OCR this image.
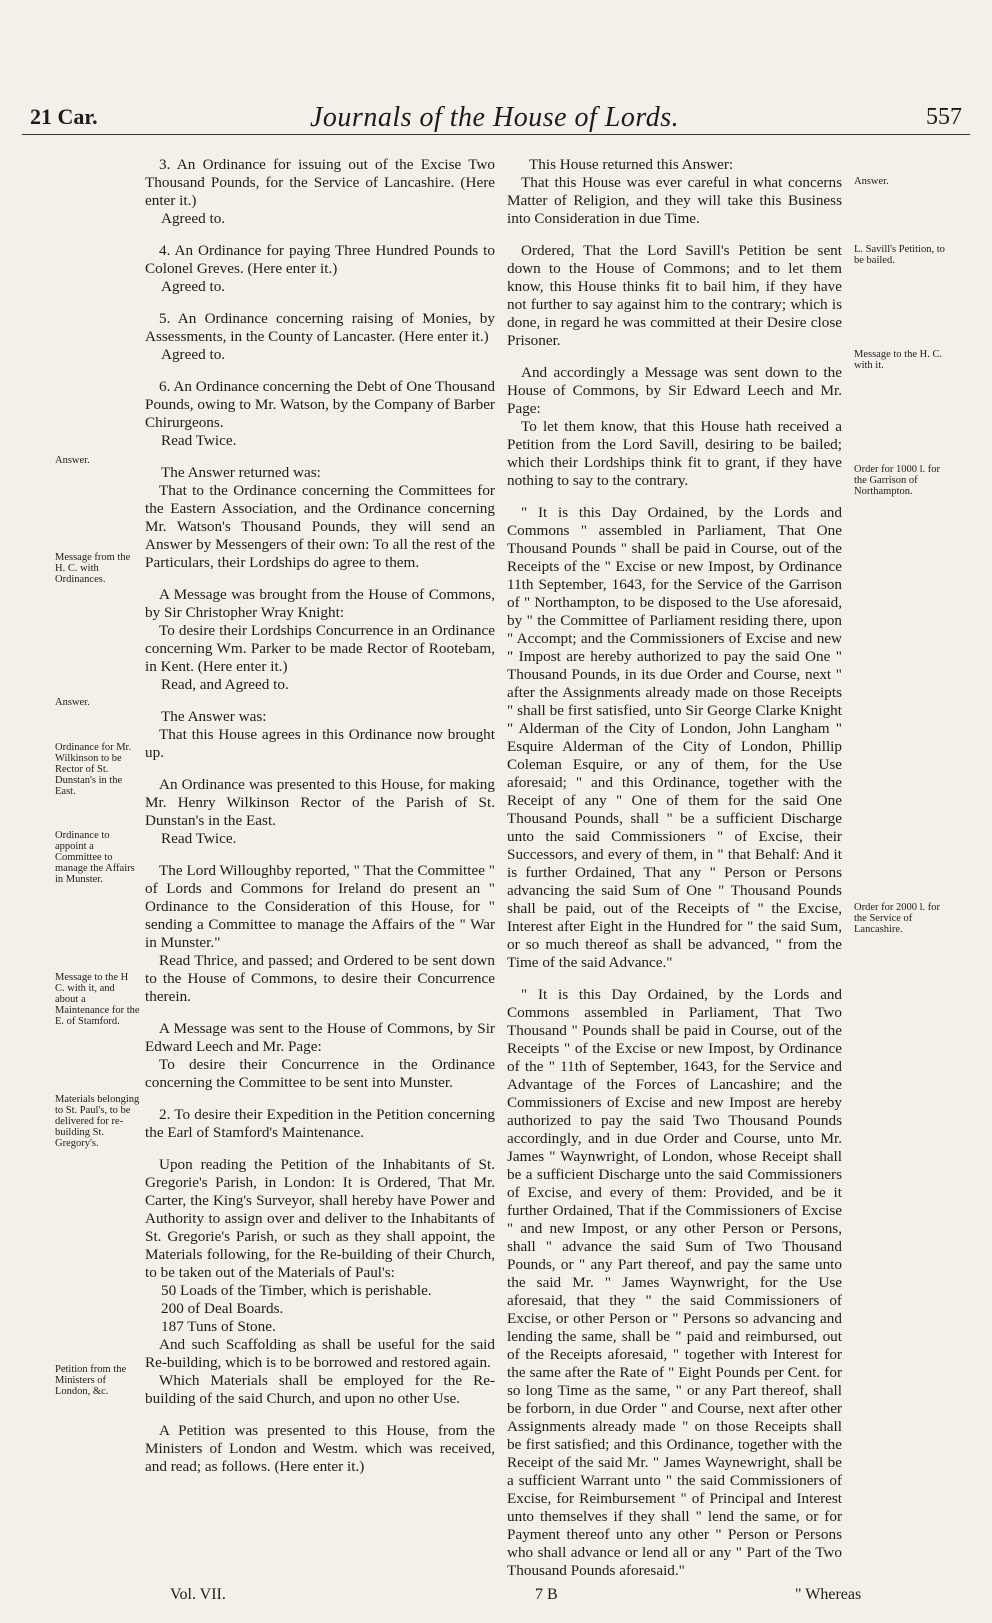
21 Car.	Journals of the House of Lords.	557

3. An Ordinance for issuing out of the Excise Two Thousand Pounds, for the Service of Lancashire. (Here enter it.)

Agreed to.

4. An Ordinance for paying Three Hundred Pounds to Colonel Greves. (Here enter it.)

Agreed to.

5. An Ordinance concerning raising of Monies, by Assessments, in the County of Lancaster. (Here enter it.)

Agreed to.

6. An Ordinance concerning the Debt of One Thousand Pounds, owing to Mr. Watson, by the Company of Barber Chirurgeons.

Read Twice.

The Answer returned was:

That to the Ordinance concerning the Committees for the Eastern Association, and the Ordinance concerning Mr. Watson's Thousand Pounds, they will send an Answer by Messengers of their own: To all the rest of the Particulars, their Lordships do agree to them.

A Message was brought from the House of Commons, by Sir Christopher Wray Knight:

To desire their Lordships Concurrence in an Ordinance concerning Wm. Parker to be made Rector of Rootebam, in Kent. (Here enter it.)

Read, and Agreed to.

The Answer was:

That this House agrees in this Ordinance now brought up.

An Ordinance was presented to this House, for making Mr. Henry Wilkinson Rector of the Parish of St. Dunstan's in the East.

Read Twice.

The Lord Willoughby reported, " That the Committee " of Lords and Commons for Ireland do present an " Ordinance to the Consideration of this House, for " sending a Committee to manage the Affairs of the " War in Munster."

Read Thrice, and passed; and Ordered to be sent down to the House of Commons, to desire their Concurrence therein.

A Message was sent to the House of Commons, by Sir Edward Leech and Mr. Page:

To desire their Concurrence in the Ordinance concerning the Committee to be sent into Munster.

2. To desire their Expedition in the Petition concerning the Earl of Stamford's Maintenance.

Upon reading the Petition of the Inhabitants of St. Gregorie's Parish, in London: It is Ordered, That Mr. Carter, the King's Surveyor, shall hereby have Power and Authority to assign over and deliver to the Inhabitants of St. Gregorie's Parish, or such as they shall appoint, the Materials following, for the Re-building of their Church, to be taken out of the Materials of Paul's:

50 Loads of the Timber, which is perishable.

200 of Deal Boards.

187 Tuns of Stone.

And such Scaffolding as shall be useful for the said Re-building, which is to be borrowed and restored again.

Which Materials shall be employed for the Re-building of the said Church, and upon no other Use.

A Petition was presented to this House, from the Ministers of London and Westm. which was received, and read; as follows. (Here enter it.)

Answer.
Message from the H. C. with Ordinances.
Answer.
Ordinance for Mr. Wilkinson to be Rector of St. Dunstan's in the East.
Ordinance to appoint a Committee to manage the Affairs in Munster.
Message to the H C. with it, and about a Maintenance for the E. of Stamford.
Materials belonging to St. Paul's, to be delivered for re-building St. Gregory's.
Petition from the Ministers of London, &c.

This House returned this Answer:

That this House was ever careful in what concerns Matter of Religion, and they will take this Business into Consideration in due Time.

Ordered, That the Lord Savill's Petition be sent down to the House of Commons; and to let them know, this House thinks fit to bail him, if they have not further to say against him to the contrary; which is done, in regard he was committed at their Desire close Prisoner.

And accordingly a Message was sent down to the House of Commons, by Sir Edward Leech and Mr. Page:

To let them know, that this House hath received a Petition from the Lord Savill, desiring to be bailed; which their Lordships think fit to grant, if they have nothing to say to the contrary.

" It is this Day Ordained, by the Lords and Commons " assembled in Parliament, That One Thousand Pounds " shall be paid in Course, out of the Receipts of the " Excise or new Impost, by Ordinance 11th September, 1643, for the Service of the Garrison of " Northampton, to be disposed to the Use aforesaid, by " the Committee of Parliament residing there, upon " Accompt; and the Commissioners of Excise and new " Impost are hereby authorized to pay the said One " Thousand Pounds, in its due Order and Course, next " after the Assignments already made on those Receipts " shall be first satisfied, unto Sir George Clarke Knight " Alderman of the City of London, John Langham " Esquire Alderman of the City of London, Phillip Coleman Esquire, or any of them, for the Use aforesaid; " and this Ordinance, together with the Receipt of any " One of them for the said One Thousand Pounds, shall " be a sufficient Discharge unto the said Commissioners " of Excise, their Successors, and every of them, in " that Behalf: And it is further Ordained, That any " Person or Persons advancing the said Sum of One " Thousand Pounds shall be paid, out of the Receipts of " the Excise, Interest after Eight in the Hundred for " the said Sum, or so much thereof as shall be advanced, " from the Time of the said Advance."

" It is this Day Ordained, by the Lords and Commons assembled in Parliament, That Two Thousand " Pounds shall be paid in Course, out of the Receipts " of the Excise or new Impost, by Ordinance of the " 11th of September, 1643, for the Service and Advantage of the Forces of Lancashire; and the Commissioners of Excise and new Impost are hereby authorized to pay the said Two Thousand Pounds accordingly, and in due Order and Course, unto Mr. James " Waynwright, of London, whose Receipt shall be a sufficient Discharge unto the said Commissioners of Excise, and every of them: Provided, and be it further Ordained, That if the Commissioners of Excise " and new Impost, or any other Person or Persons, shall " advance the said Sum of Two Thousand Pounds, or " any Part thereof, and pay the same unto the said Mr. " James Waynwright, for the Use aforesaid, that they " the said Commissioners of Excise, or other Person or " Persons so advancing and lending the same, shall be " paid and reimbursed, out of the Receipts aforesaid, " together with Interest for the same after the Rate of " Eight Pounds per Cent. for so long Time as the same, " or any Part thereof, shall be forborn, in due Order " and Course, next after other Assignments already made " on those Receipts shall be first satisfied; and this Ordinance, together with the Receipt of the said Mr. " James Waynewright, shall be a sufficient Warrant unto " the said Commissioners of Excise, for Reimbursement " of Principal and Interest unto themselves if they shall " lend the same, or for Payment thereof unto any other " Person or Persons who shall advance or lend all or any " Part of the Two Thousand Pounds aforesaid."

Answer.
L. Savill's Petition, to be bailed.
Message to the H. C. with it.
Order for 1000 l. for the Garrison of Northampton.
Order for 2000 l. for the Service of Lancashire.
Vol. VII.	7 B	" Whereas
